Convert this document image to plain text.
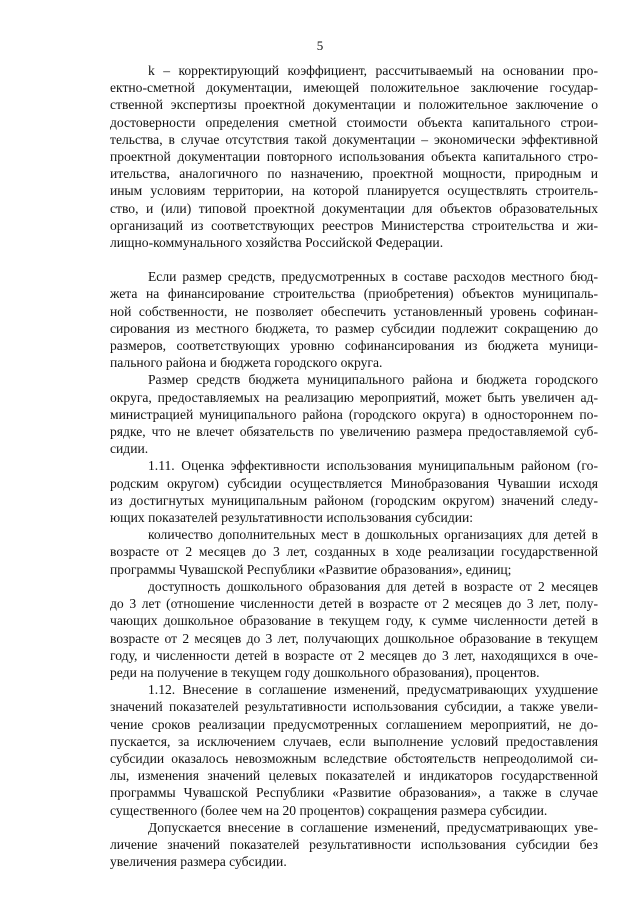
5
k – корректирующий коэффициент, рассчитываемый на основании про-
ектно-сметной документации, имеющей положительное заключение государ-
ственной экспертизы проектной документации и положительное заключение о
достоверности определения сметной стоимости объекта капитального строи-
тельства, в случае отсутствия такой документации – экономически эффективной
проектной документации повторного использования объекта капитального стро-
ительства, аналогичного по назначению, проектной мощности, природным и
иным условиям территории, на которой планируется осуществлять строитель-
ство, и (или) типовой проектной документации для объектов образовательных
организаций из соответствующих реестров Министерства строительства и жи-
лищно-коммунального хозяйства Российской Федерации.
Если размер средств, предусмотренных в составе расходов местного бюд-
жета на финансирование строительства (приобретения) объектов муниципаль-
ной собственности, не позволяет обеспечить установленный уровень софинан-
сирования из местного бюджета, то размер субсидии подлежит сокращению до
размеров, соответствующих уровню софинансирования из бюджета муници-
пального района и бюджета городского округа.
Размер средств бюджета муниципального района и бюджета городского
округа, предоставляемых на реализацию мероприятий, может быть увеличен ад-
министрацией муниципального района (городского округа) в одностороннем по-
рядке, что не влечет обязательств по увеличению размера предоставляемой суб-
сидии.
1.11. Оценка эффективности использования муниципальным районом (го-
родским округом) субсидии осуществляется Минобразования Чувашии исходя
из достигнутых муниципальным районом (городским округом) значений следу-
ющих показателей результативности использования субсидии:
количество дополнительных мест в дошкольных организациях для детей в
возрасте от 2 месяцев до 3 лет, созданных в ходе реализации государственной
программы Чувашской Республики «Развитие образования», единиц;
доступность дошкольного образования для детей в возрасте от 2 месяцев
до 3 лет (отношение численности детей в возрасте от 2 месяцев до 3 лет, полу-
чающих дошкольное образование в текущем году, к сумме численности детей в
возрасте от 2 месяцев до 3 лет, получающих дошкольное образование в текущем
году, и численности детей в возрасте от 2 месяцев до 3 лет, находящихся в оче-
реди на получение в текущем году дошкольного образования), процентов.
1.12. Внесение в соглашение изменений, предусматривающих ухудшение
значений показателей результативности использования субсидии, а также увели-
чение сроков реализации предусмотренных соглашением мероприятий, не до-
пускается, за исключением случаев, если выполнение условий предоставления
субсидии оказалось невозможным вследствие обстоятельств непреодолимой си-
лы, изменения значений целевых показателей и индикаторов государственной
программы Чувашской Республики «Развитие образования», а также в случае
существенного (более чем на 20 процентов) сокращения размера субсидии.
Допускается внесение в соглашение изменений, предусматривающих уве-
личение значений показателей результативности использования субсидии без
увеличения размера субсидии.
